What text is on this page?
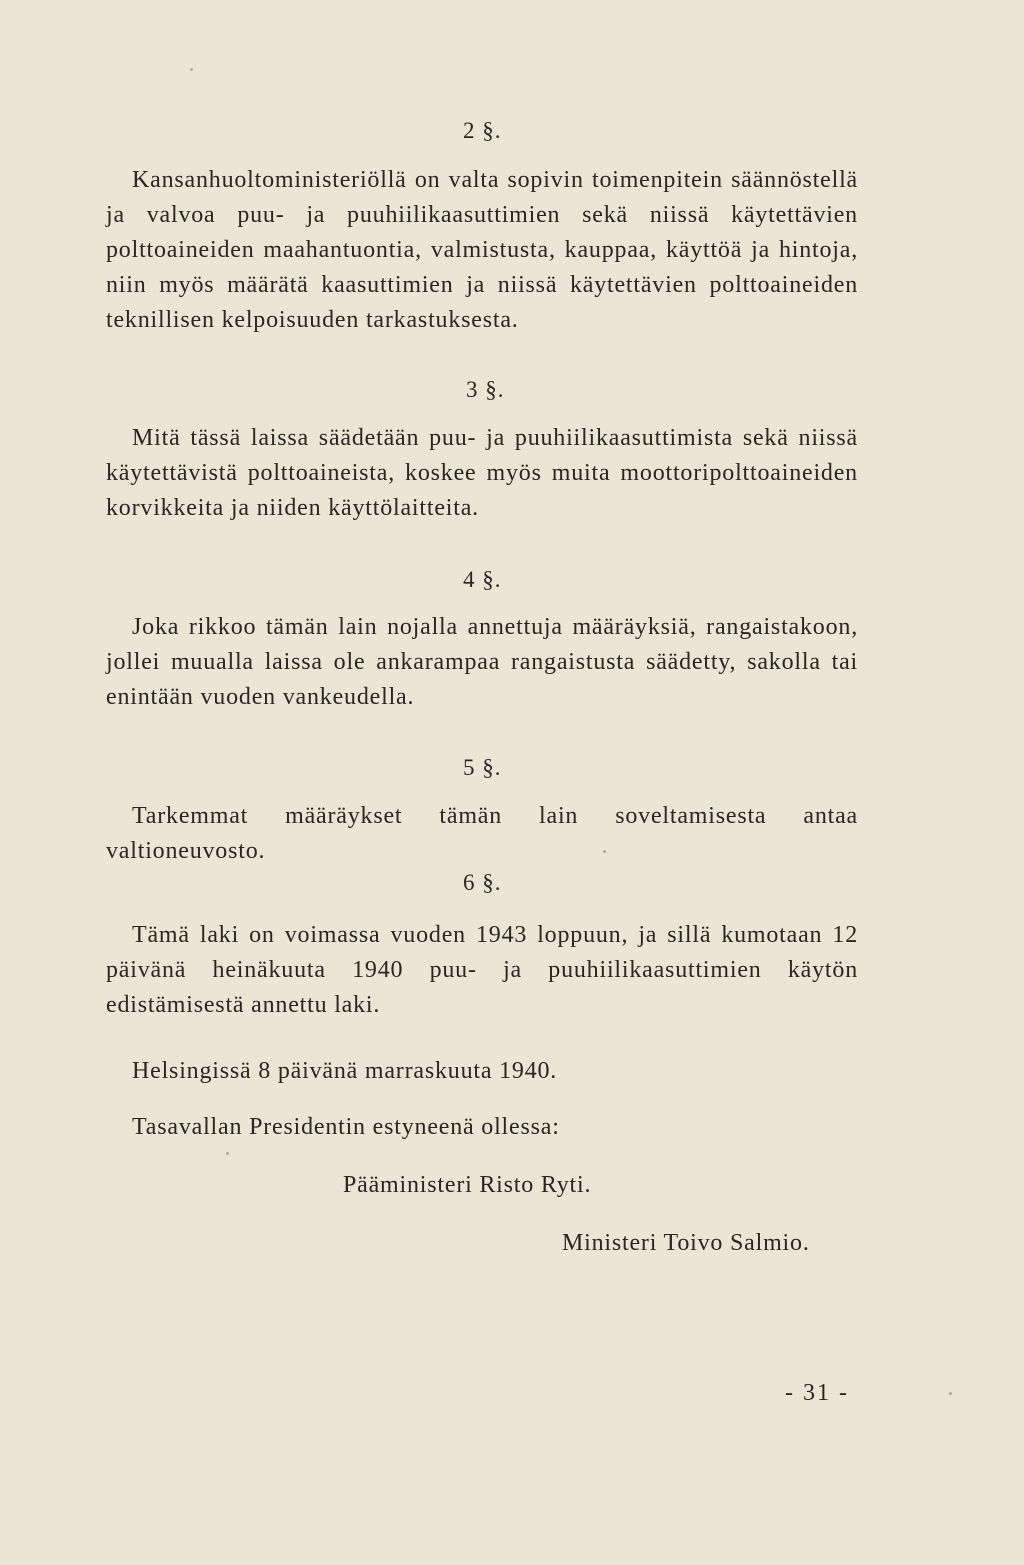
2 §.

Kansanhuoltoministeriöllä on valta sopivin toimenpitein säännöstellä ja valvoa puu- ja puuhiilikaasuttimien sekä niissä käytettävien polttoaineiden maahantuontia, valmistusta, kauppaa, käyttöä ja hintoja, niin myös määrätä kaasuttimien ja niissä käytettävien polttoaineiden teknillisen kelpoisuuden tarkastuksesta.

3 §.

Mitä tässä laissa säädetään puu- ja puuhiilikaasuttimista sekä niissä käytettävistä polttoaineista, koskee myös muita moottoripolttoaineiden korvikkeita ja niiden käyttölaitteita.

4 §.

Joka rikkoo tämän lain nojalla annettuja määräyksiä, rangaistakoon, jollei muualla laissa ole ankarampaa rangaistusta säädetty, sakolla tai enintään vuoden vankeudella.

5 §.

Tarkemmat määräykset tämän lain soveltamisesta antaa valtioneuvosto.

6 §.

Tämä laki on voimassa vuoden 1943 loppuun, ja sillä kumotaan 12 päivänä heinäkuuta 1940 puu- ja puuhiilikaasuttimien käytön edistämisestä annettu laki.

Helsingissä 8 päivänä marraskuuta 1940.
Tasavallan Presidentin estyneenä ollessa:
Pääministeri Risto Ryti.
Ministeri Toivo Salmio.
- 31 -
